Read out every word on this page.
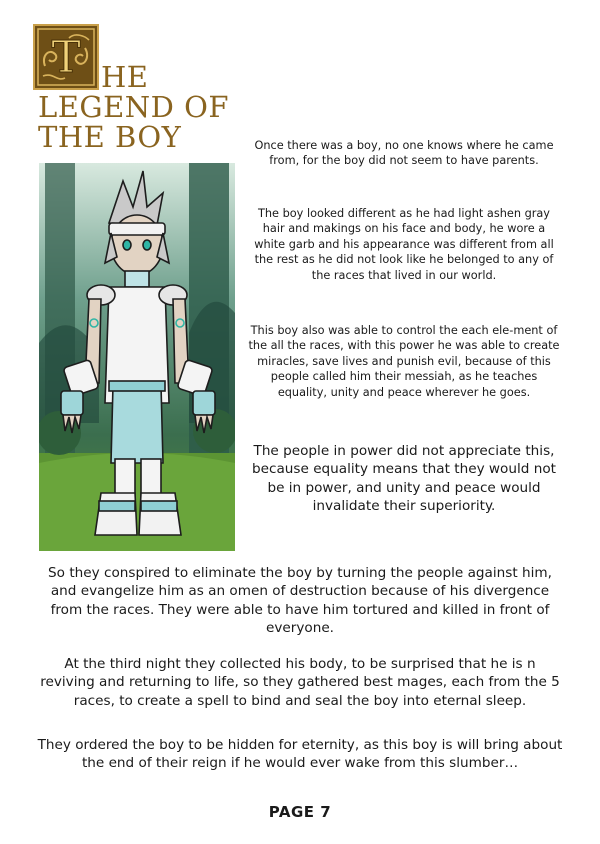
T HE
LEGEND OF
THE BOY	Once there was a boy, no one knows where he came from, for the boy did not seem to have parents.
The boy looked different as he had light ashen gray hair and makings on his face and body, he wore a white garb and his appearance was different from all the rest as he did not look like he belonged to any of the races that lived in our world.
This boy also was able to control the each ele-ment of the all the races, with this power he was able to create miracles, save lives and punish evil, because of this people called him their messiah, as he teaches equality, unity and peace wherever he goes.
The people in power did not appreciate this, because equality means that they would not be in power, and unity and peace would invalidate their superiority.
So they conspired to eliminate the boy by turning the people against him, and evangelize him as an omen of destruction because of his divergence from the races. They were able to have him tortured and killed in front of everyone.
At the third night they collected his body, to be surprised that he is n reviving and returning to life, so they gathered best mages, each from the 5 races, to create a spell to bind and seal the boy into eternal sleep.
They ordered the boy to be hidden for eternity, as this boy is will bring about the end of their reign if he would ever wake from this slumber…
PAGE 7
